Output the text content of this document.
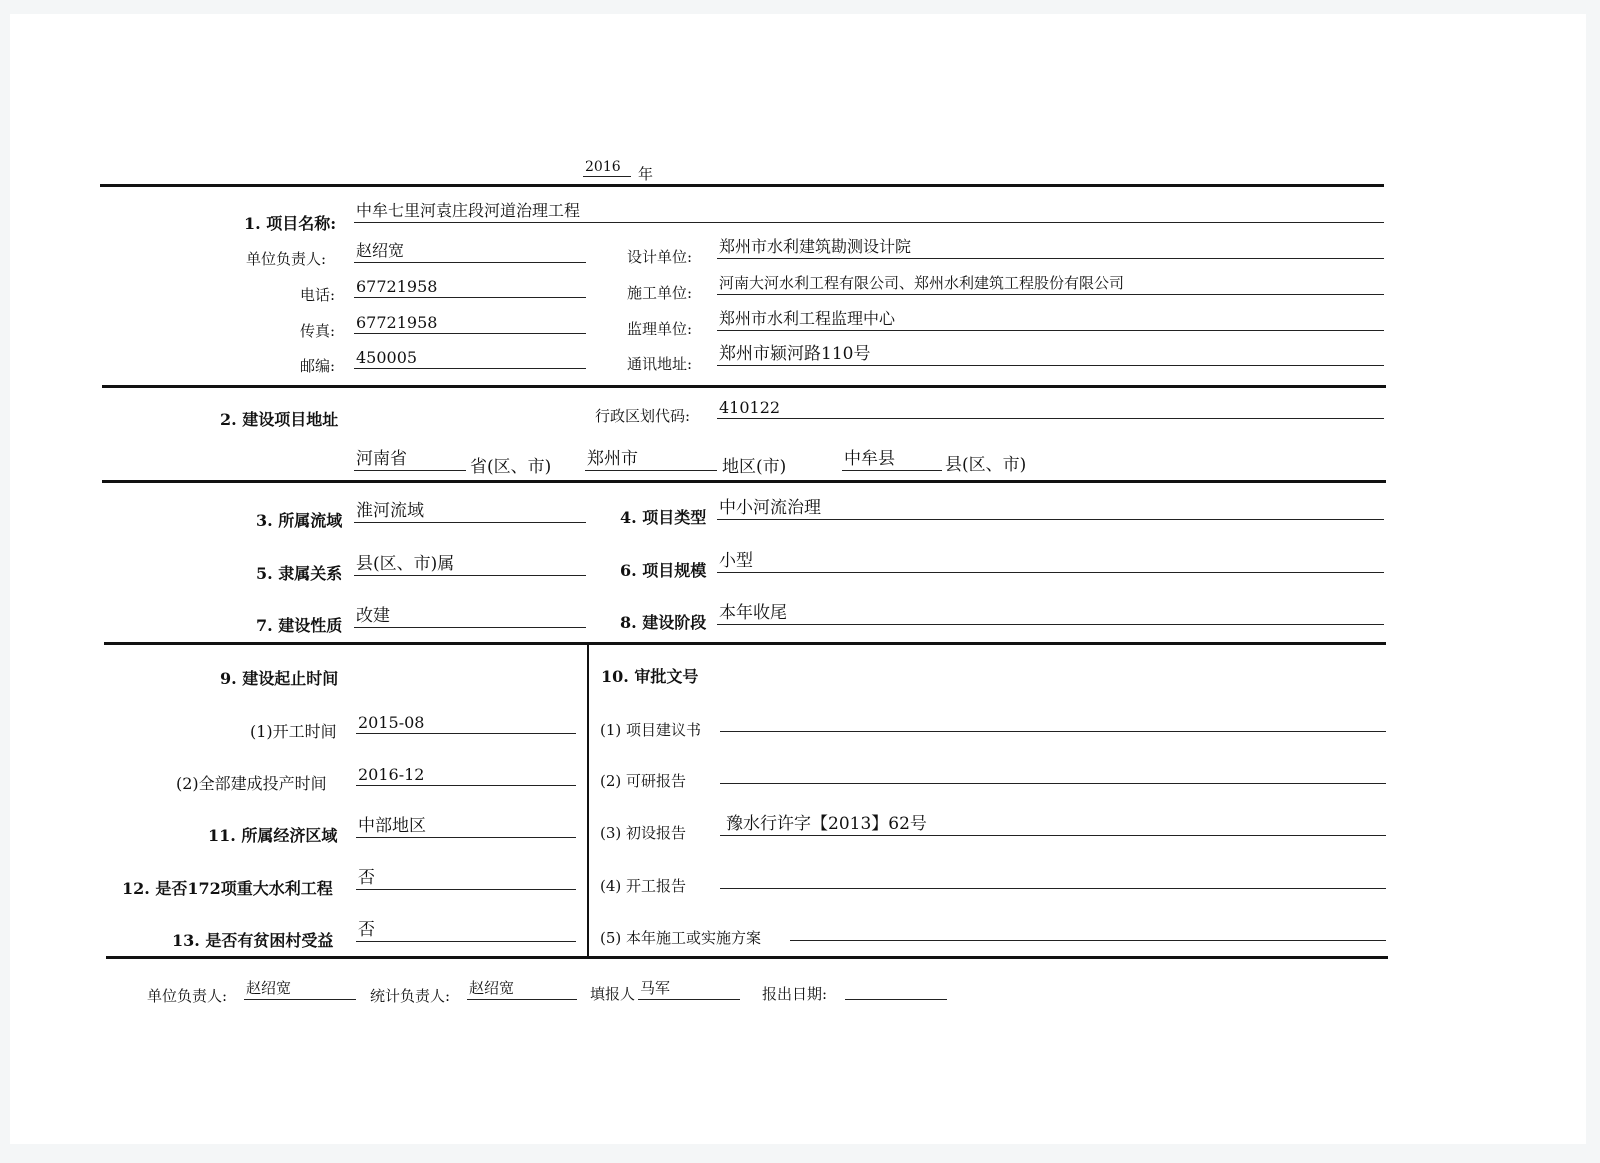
2016 年
1. 项目名称:
中牟七里河袁庄段河道治理工程
单位负责人: 赵绍宽	设计单位:
郑州市水利建筑勘测设计院
电话: 67721958	施工单位:
河南大河水利工程有限公司、郑州水利建筑工程股份有限公司
传真: 67721958	监理单位:
郑州市水利工程监理中心
邮编: 450005	通讯地址: 郑州市颍河路110号
2. 建设项目地址	行政区划代码: 410122
河南省	省(区、市) 郑州市	地区(市)	中牟县	县(区、市)
3. 所属流域 淮河流域	4. 项目类型 中小河流治理
5. 隶属关系 县(区、市)属	6. 项目规模 小型
7. 建设性质 改建	8. 建设阶段 本年收尾
9. 建设起止时间
(1)开工时间 2015-08
(2)全部建成投产时间 2016-12
11. 所属经济区域 中部地区
12. 是否172项重大水利工程
否
13. 是否有贫困村受益
否
10. 审批文号
(1) 项目建议书
(2) 可研报告
(3) 初设报告 豫水行许字【2013】62号
(4) 开工报告
(5) 本年施工或实施方案
单位负责人: 赵绍宽	统计负责人: 赵绍宽	填报人 马军	报出日期:
